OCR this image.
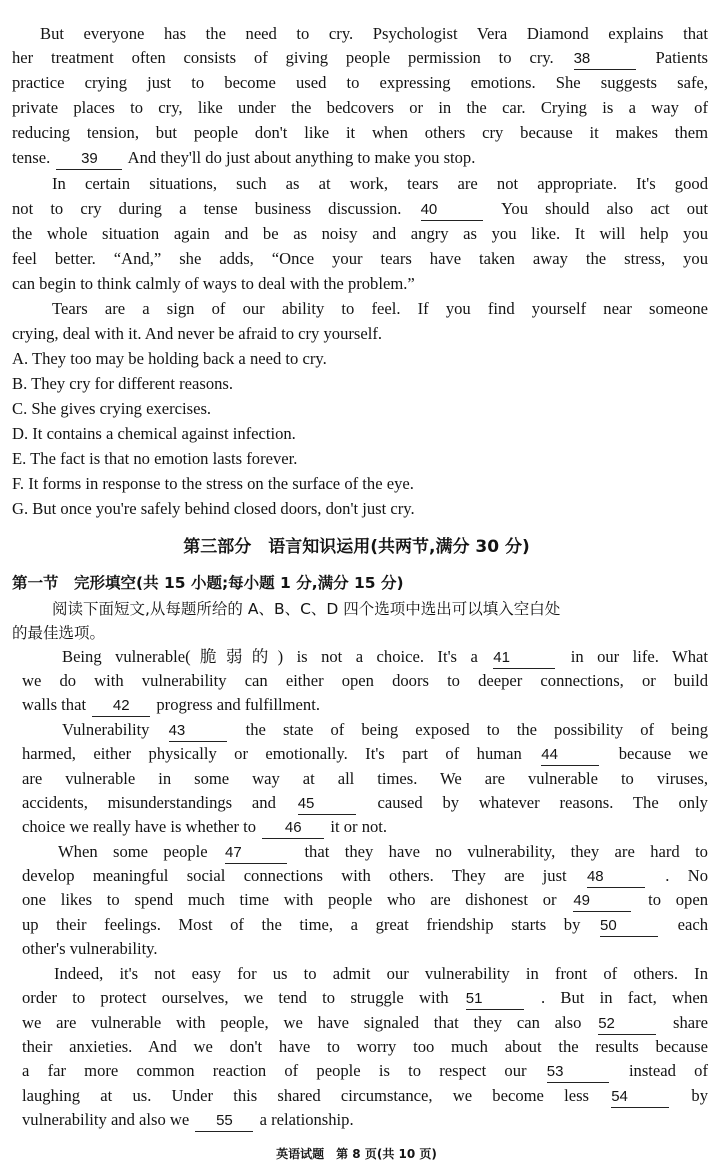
But everyone has the need to cry. Psychologist Vera Diamond explains that
her treatment often consists of giving people permission to cry. 38	Patients
practice crying just to become used to expressing emotions. She suggests safe,
private places to cry, like under the bedcovers or in the car. Crying is a way of
reducing tension, but people don't like it when others cry because it makes them
tense. 39 And they'll do just about anything to make you stop.
In certain situations, such as at work, tears are not appropriate. It's good
not to cry during a tense business discussion. 40	You should also act out
the whole situation again and be as noisy and angry as you like. It will help you
feel better. “And,” she adds, “Once your tears have taken away the stress, you
can begin to think calmly of ways to deal with the problem.”
Tears are a sign of our ability to feel. If you find yourself near someone
crying, deal with it. And never be afraid to cry yourself.
A. They too may be holding back a need to cry.
B. They cry for different reasons.
C. She gives crying exercises.
D. It contains a chemical against infection.
E. The fact is that no emotion lasts forever.
F. It forms in response to the stress on the surface of the eye.
G. But once you're safely behind closed doors, don't just cry.
第三部分　语言知识运用(共两节,满分 30 分)
第一节　完形填空(共 15 小题;每小题 1 分,满分 15 分)
阅读下面短文,从每题所给的 A、B、C、D 四个选项中选出可以填入空白处
的最佳选项。
Being vulnerable(脆弱的) is not a choice. It's a 41	in our life. What
we do with vulnerability can either open doors to deeper connections, or build
walls that 42 progress and fulfillment.
Vulnerability 43	the state of being exposed to the possibility of being
harmed, either physically or emotionally. It's part of human 44	because we
are vulnerable in some way at all times. We are vulnerable to viruses,
accidents, misunderstandings and 45	caused by whatever reasons. The only
choice we really have is whether to 46 it or not.
When some people 47	that they have no vulnerability, they are hard to
develop meaningful social connections with others. They are just 48	. No
one likes to spend much time with people who are dishonest or 49	to open
up their feelings. Most of the time, a great friendship starts by 50	each
other's vulnerability.
Indeed, it's not easy for us to admit our vulnerability in front of others. In
order to protect ourselves, we tend to struggle with 51	. But in fact, when
we are vulnerable with people, we have signaled that they can also 52	share
their anxieties. And we don't have to worry too much about the results because
a far more common reaction of people is to respect our 53	instead of
laughing at us. Under this shared circumstance, we become less 54	by
vulnerability and also we 55 a relationship.
英语试题　第 8 页(共 10 页)
